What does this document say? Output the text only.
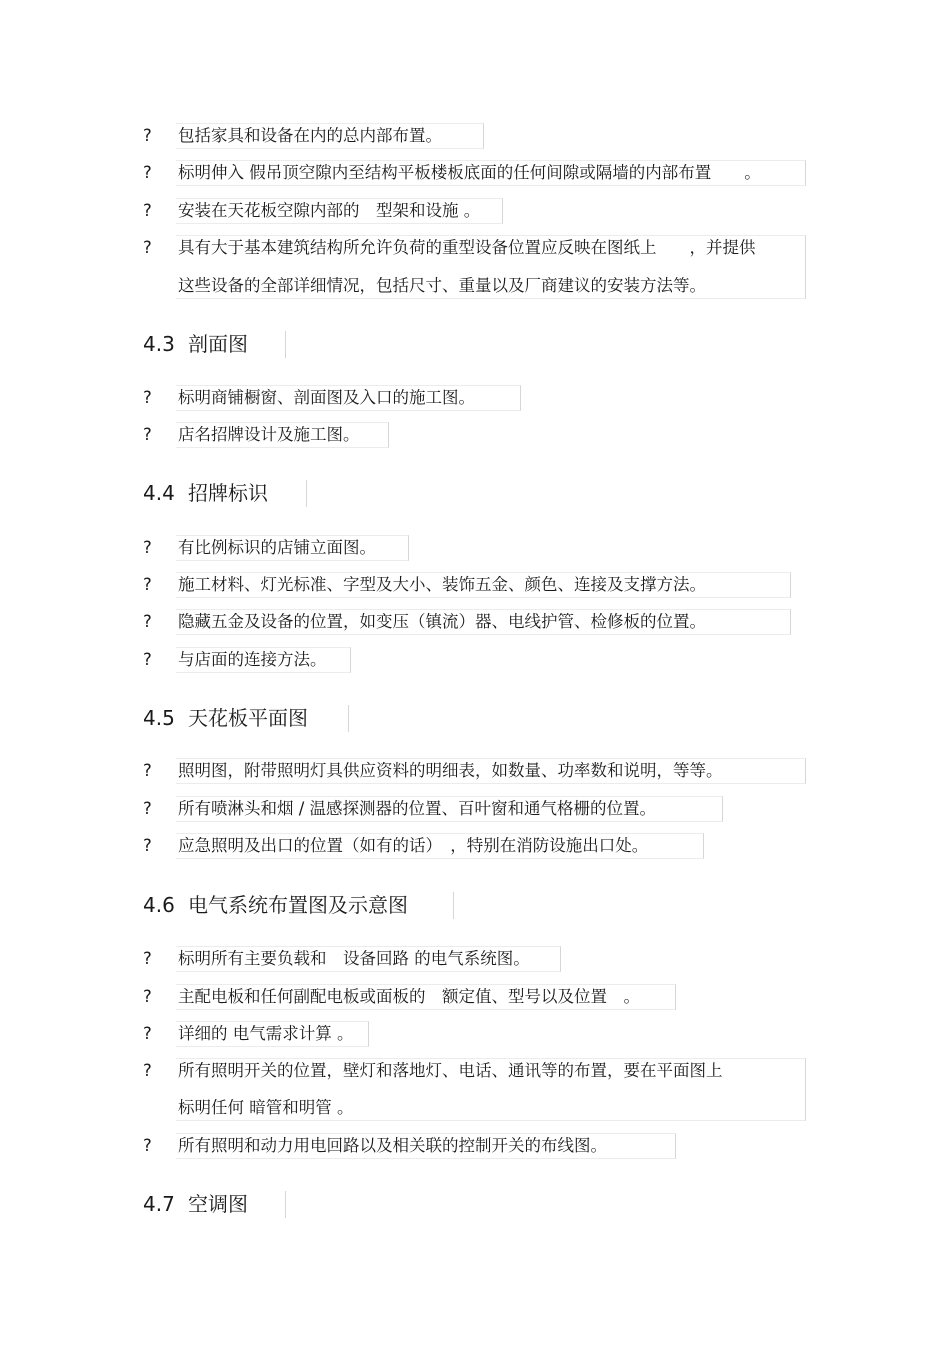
? 包括家具和设备在内的总内部布置。
? 标明伸入 假吊顶空隙内至结构平板楼板底面的任何间隙或隔墙的内部布置　　。
? 安装在天花板空隙内部的　型架和设施 。
? 具有大于基本建筑结构所允许负荷的重型设备位置应反映在图纸上　　，并提供
这些设备的全部详细情况，包括尺寸、重量以及厂商建议的安装方法等。
4.3 剖面图
? 标明商铺橱窗、剖面图及入口的施工图。
? 店名招牌设计及施工图。
4.4 招牌标识
? 有比例标识的店铺立面图。
? 施工材料、灯光标准、字型及大小、装饰五金、颜色、连接及支撑方法。
? 隐藏五金及设备的位置，如变压（镇流）器、电线护管、检修板的位置。
? 与店面的连接方法。
4.5 天花板平面图
? 照明图，附带照明灯具供应资料的明细表，如数量、功率数和说明，等等。
? 所有喷淋头和烟 / 温感探测器的位置、百叶窗和通气格栅的位置。
? 应急照明及出口的位置（如有的话）　，特别在消防设施出口处。
4.6 电气系统布置图及示意图
? 标明所有主要负载和　设备回路 的电气系统图。
? 主配电板和任何副配电板或面板的　额定值、型号以及位置　。
? 详细的 电气需求计算 。
? 所有照明开关的位置，壁灯和落地灯、电话、通讯等的布置，要在平面图上
标明任何 暗管和明管 。
? 所有照明和动力用电回路以及相关联的控制开关的布线图。
4.7 空调图
